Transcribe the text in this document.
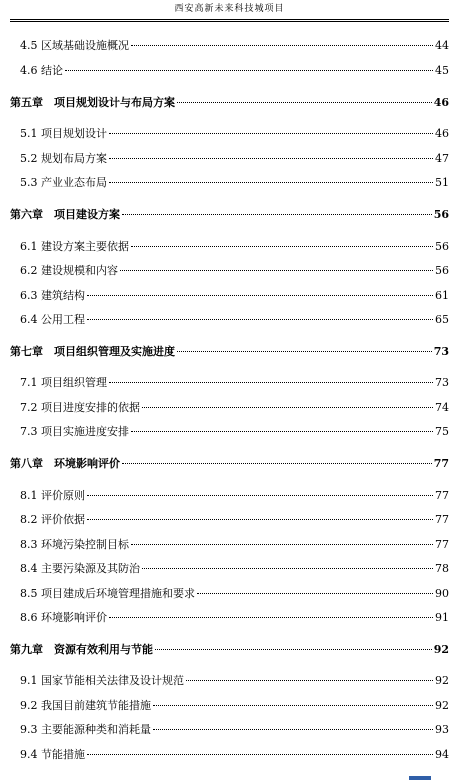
西安高新未来科技城项目
4.5 区域基础设施概况	44
4.6 结论	45
第五章　项目规划设计与布局方案	46
5.1 项目规划设计	46
5.2 规划布局方案	47
5.3 产业业态布局	51
第六章　项目建设方案	56
6.1 建设方案主要依据	56
6.2 建设规模和内容	56
6.3 建筑结构	61
6.4 公用工程	65
第七章　项目组织管理及实施进度	73
7.1 项目组织管理	73
7.2 项目进度安排的依据	74
7.3 项目实施进度安排	75
第八章　环境影响评价	77
8.1 评价原则	77
8.2 评价依据	77
8.3 环境污染控制目标	77
8.4 主要污染源及其防治	78
8.5 项目建成后环境管理措施和要求	90
8.6 环境影响评价	91
第九章　资源有效利用与节能	92
9.1 国家节能相关法律及设计规范	92
9.2 我国目前建筑节能措施	92
9.3 主要能源种类和消耗量	93
9.4 节能措施	94
